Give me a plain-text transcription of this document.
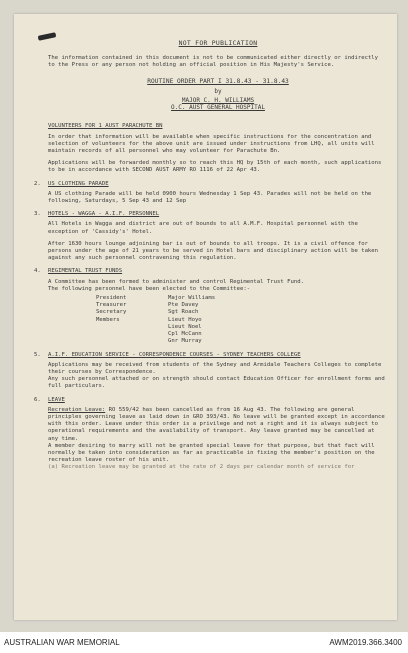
NOT FOR PUBLICATION
The information contained in this document is not to be communicated either directly or indirectly to the Press or any person not holding an official position in His Majesty's Service.
ROUTINE ORDER PART I 31.8.43 - 31.8.43
by
MAJOR C. H. WILLIAMS
O.C. AUST GENERAL HOSPITAL
VOLUNTEERS FOR 1 AUST PARACHUTE BN
In order that information will be available when specific instructions for the concentration and selection of volunteers for the above unit are issued under instructions from LHQ, all units will maintain records of all personnel who may volunteer for Parachute Bn.
Applications will be forwarded monthly so to reach this HQ by 15th of each month, such applications to be in accordance with SECOND AUST ARMY RO 1116 of 22 Apr 43.
2. US CLOTHING PARADE
A US clothing Parade will be held 0900 hours Wednesday 1 Sep 43. Parades will not be held on the following, Saturdays, 5 Sep 43 and 12 Sep
3. HOTELS - WAGGA - A.I.F. PERSONNEL
All Hotels in Wagga and district are out of bounds to all A.M.F. Hospital personnel with the exception of 'Cassidy's' Hotel.
After 1630 hours lounge adjoining bar is out of bounds to all troops. It is a civil offence for persons under the age of 21 years to be served in Hotel bars and disciplinary action will be taken against any such personnel contravening this regulation.
4. REGIMENTAL TRUST FUNDS
A Committee has been formed to administer and control Regimental Trust Fund.
The following personnel have been elected to the Committee:-
President	Major Williams
Treasurer	Pte Davey
Secretary	Sgt Roach
Members	Lieut Hoyo
Lieut Noel
Cpl McCann
Gnr Murray
5. A.I.F. EDUCATION SERVICE - CORRESPONDENCE COURSES - SYDNEY TEACHERS COLLEGE
Applications may be received from students of the Sydney and Armidale Teachers Colleges to complete their courses by Correspondence.
Any such personnel attached or on strength should contact Education Officer for enrollment forms and full particulars.
6. LEAVE
Recreation Leave: RO 559/42 has been cancelled as from 16 Aug 43. The following are general principles governing leave as laid down in GRO 393/43. No leave will be granted except in accordance with this order. Leave under this order is a privilege and not a right and it is always subject to operational requirements and the availability of transport. Any leave granted may be cancelled at any time.
A member desiring to marry will not be granted special leave for that purpose, but that fact will normally be taken into consideration as far as practicable in fixing the member's position on the recreation leave roster of his unit.
(a) Recreation leave may be granted at the rate of 2 days per calendar month of service for
AUSTRALIAN WAR MEMORIAL	AWM2019.366.3400
